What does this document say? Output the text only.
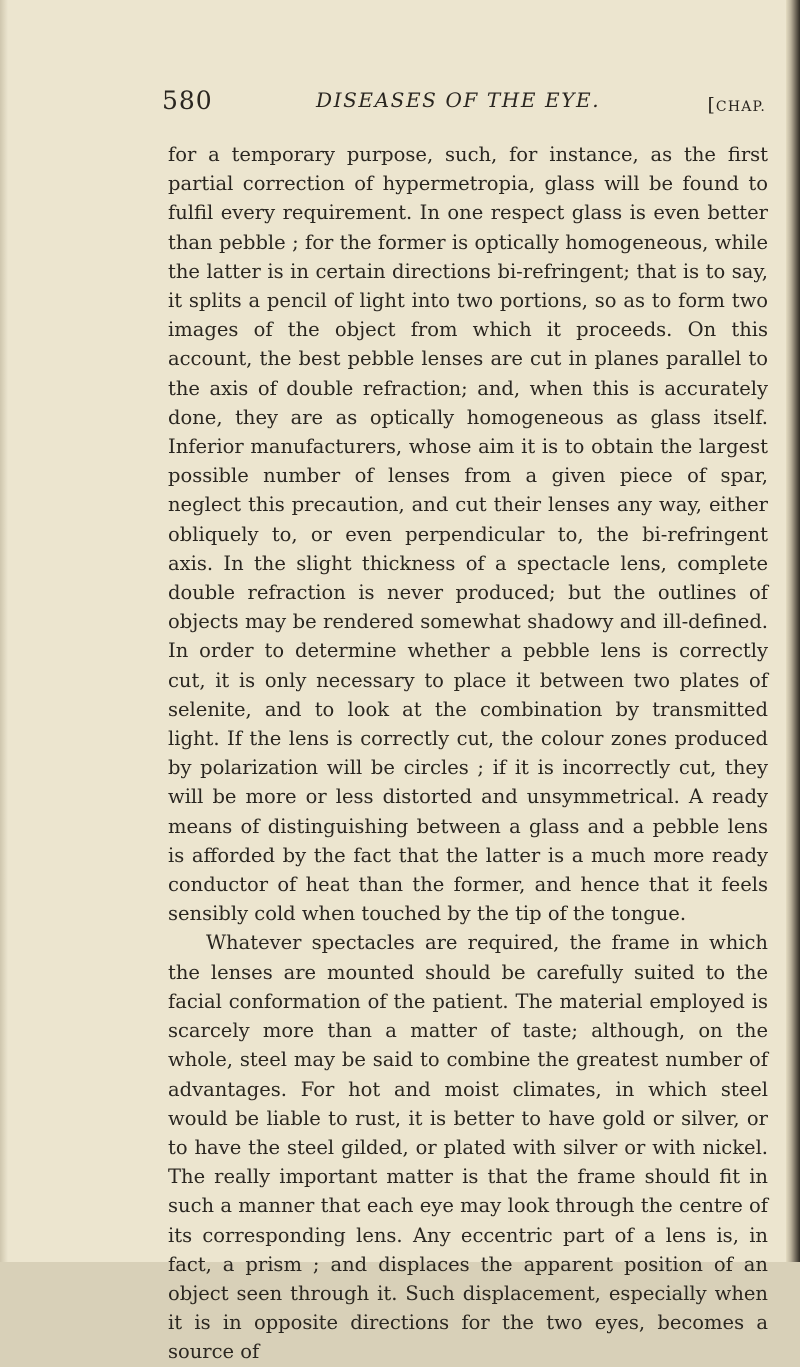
580	DISEASES OF THE EYE.	[CHAP.

for a temporary purpose, such, for instance, as the first partial correction of hypermetropia, glass will be found to fulfil every requirement. In one respect glass is even better than pebble ; for the former is optically homogeneous, while the latter is in certain directions bi-refringent; that is to say, it splits a pencil of light into two portions, so as to form two images of the object from which it proceeds. On this account, the best pebble lenses are cut in planes parallel to the axis of double refraction; and, when this is accurately done, they are as optically homogeneous as glass itself. Inferior manufacturers, whose aim it is to obtain the largest possible number of lenses from a given piece of spar, neglect this precaution, and cut their lenses any way, either obliquely to, or even perpendicular to, the bi-refringent axis. In the slight thickness of a spectacle lens, complete double refraction is never produced; but the outlines of objects may be rendered somewhat shadowy and ill-defined. In order to determine whether a pebble lens is correctly cut, it is only necessary to place it between two plates of selenite, and to look at the combination by transmitted light. If the lens is correctly cut, the colour zones produced by polarization will be circles ; if it is incorrectly cut, they will be more or less distorted and unsymmetrical. A ready means of distinguishing between a glass and a pebble lens is afforded by the fact that the latter is a much more ready conductor of heat than the former, and hence that it feels sensibly cold when touched by the tip of the tongue.

Whatever spectacles are required, the frame in which the lenses are mounted should be carefully suited to the facial conformation of the patient. The material employed is scarcely more than a matter of taste; although, on the whole, steel may be said to combine the greatest number of advantages. For hot and moist climates, in which steel would be liable to rust, it is better to have gold or silver, or to have the steel gilded, or plated with silver or with nickel. The really important matter is that the frame should fit in such a manner that each eye may look through the centre of its corresponding lens. Any eccentric part of a lens is, in fact, a prism ; and displaces the apparent position of an object seen through it. Such displacement, especially when it is in opposite directions for the two eyes, becomes a source of
